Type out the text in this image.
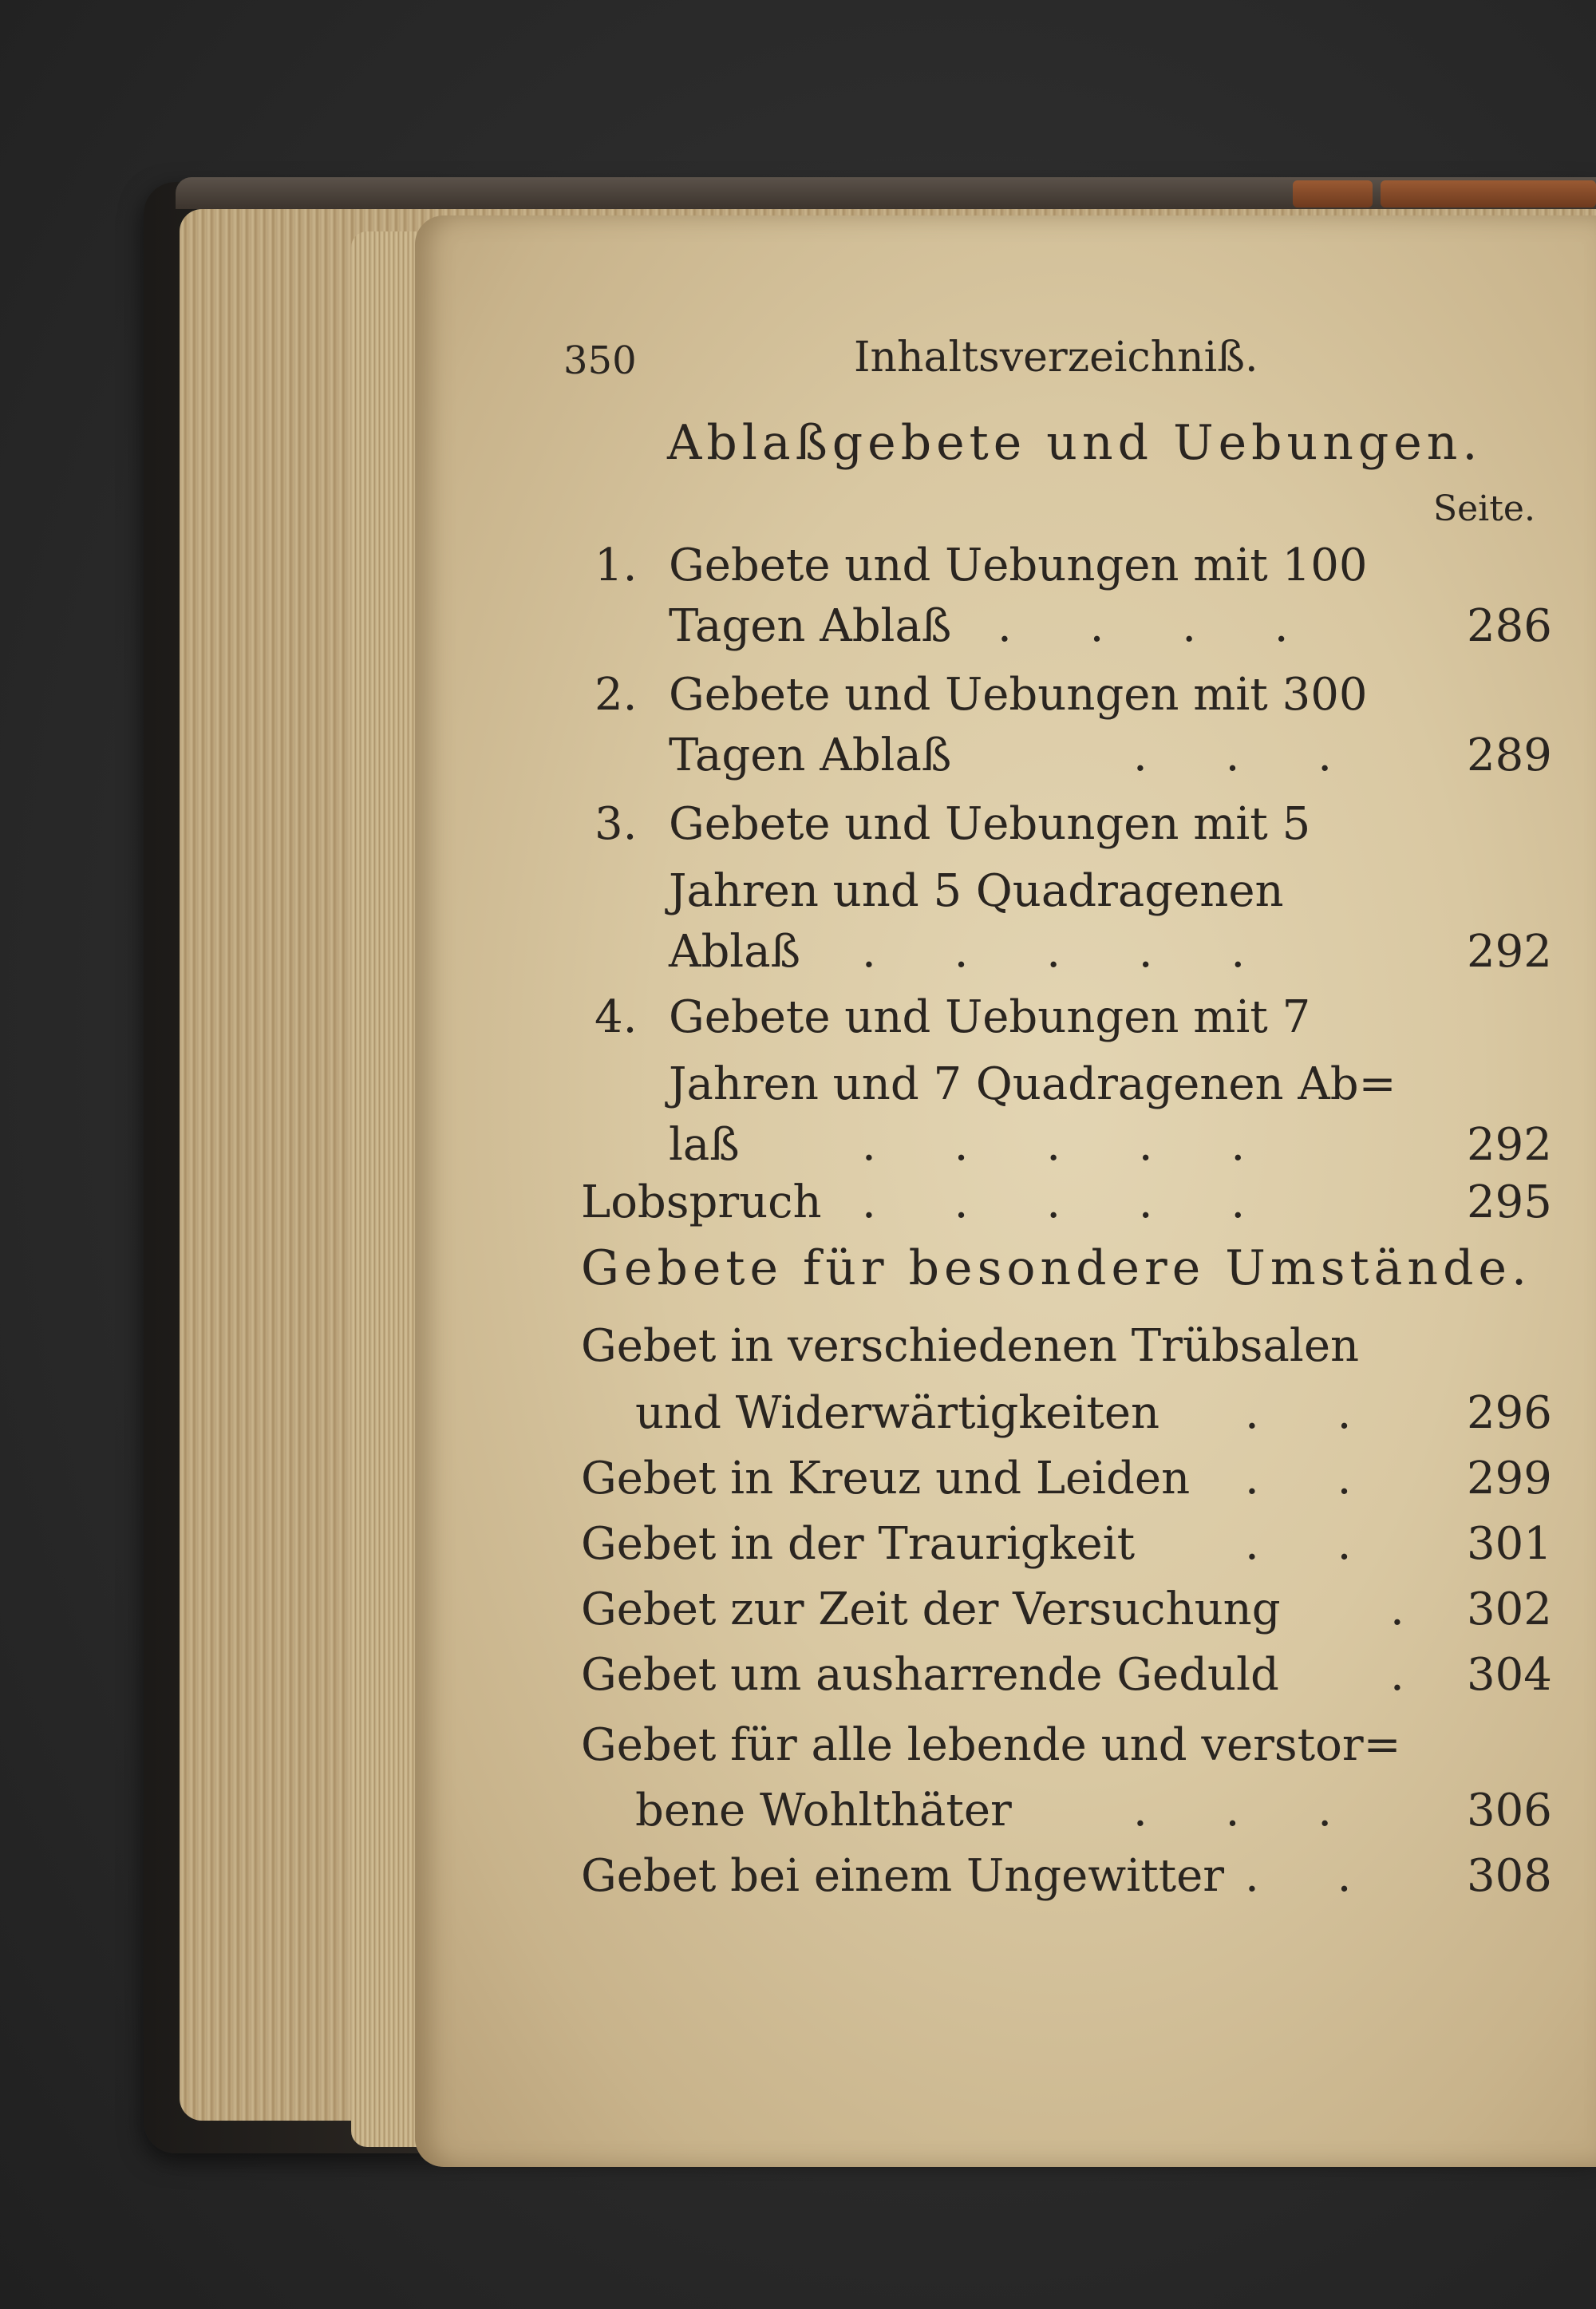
350	Inhaltsverzeichniß.
Ablaßgebete und Uebungen.
Seite.
1. Gebete und Uebungen mit 100
Tagen Ablaß . . . .	286
2. Gebete und Uebungen mit 300
Tagen Ablaß	. . . 289
3. Gebete und Uebungen mit 5
Jahren und 5 Quadragenen
Ablaß . . . . .	292
4. Gebete und Uebungen mit 7
Jahren und 7 Quadragenen Ab=
laß	. . . . .	292
Lobspruch . . . . .	295
Gebete für besondere Umstände.
Gebet in verschiedenen Trübsalen
und Widerwärtigkeiten . . 296
Gebet in Kreuz und Leiden . . 299
Gebet in der Traurigkeit . . 301
Gebet zur Zeit der Versuchung . 302
Gebet um ausharrende Geduld . 304
Gebet für alle lebende und verstor=
bene Wohlthäter	. . . 306
Gebet bei einem Ungewitter . . 308
